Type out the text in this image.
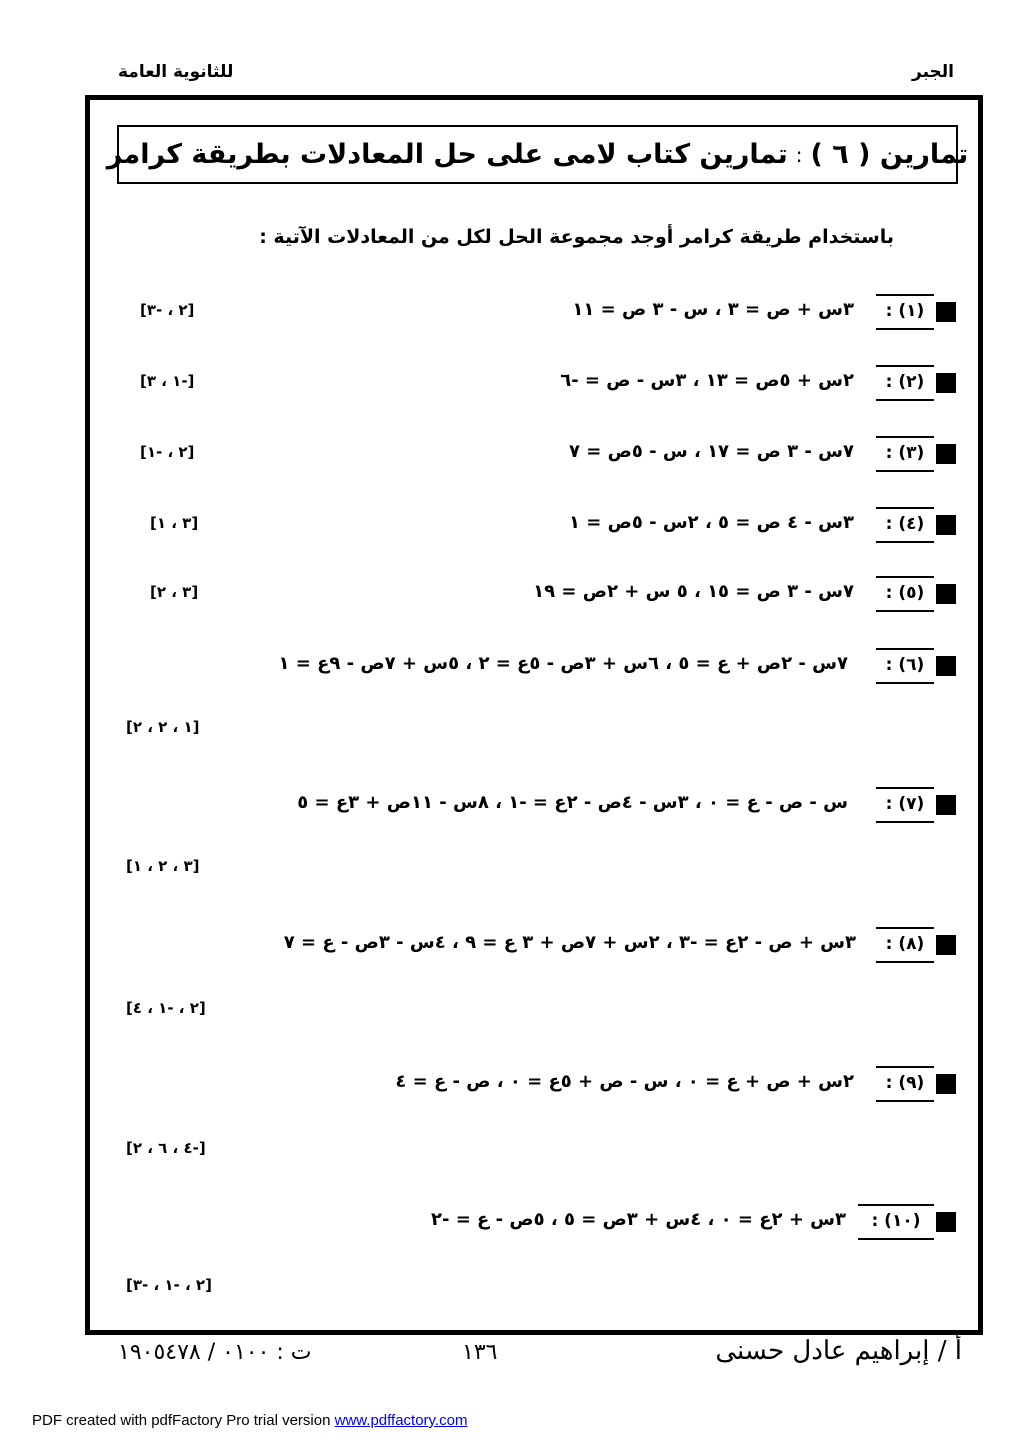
الجبر
للثانوية العامة
تمارين ( ٦ )
:
تمارين كتاب لامى على حل المعادلات بطريقة كرامر
باستخدام طريقة كرامر أوجد مجموعة الحل لكل من المعادلات الآتية :
(١) :
٣س + ص = ٣ ، س - ٣ ص = ١١
[٢ ، -٣]
(٢) :
٢س + ٥ص = ١٣ ، ٣س - ص = -٦
[-١ ، ٣]
(٣) :
٧س - ٣ ص = ١٧ ، س - ٥ص = ٧
[٢ ، -١]
(٤) :
٣س - ٤ ص = ٥ ، ٢س - ٥ص = ١
[٣ ، ١]
(٥) :
٧س - ٣ ص = ١٥ ، ٥ س + ٢ص = ١٩
[٣ ، ٢]
(٦) :
٧س - ٢ص + ع = ٥ ، ٦س + ٣ص - ٥ع = ٢ ، ٥س + ٧ص - ٩ع = ١
[١ ، ٢ ، ٢]
(٧) :
س - ص - ع = ٠ ، ٣س - ٤ص - ٢ع = -١ ، ٨س - ١١ص + ٣ع = ٥
[٣ ، ٢ ، ١]
(٨) :
٣س + ص - ٢ع = -٣ ، ٢س + ٧ص + ٣ ع = ٩ ، ٤س - ٣ص - ع = ٧
[٢ ، -١ ، ٤]
(٩) :
٢س + ص + ع = ٠ ، س - ص + ٥ع = ٠ ، ص - ع = ٤
[-٤ ، ٦ ، ٢]
(١٠) :
٣س + ٢ع = ٠ ، ٤س + ٣ص = ٥ ، ٥ص - ع = -٢
[٢ ، -١ ، -٣]
أ / إبراهيم عادل حسنى
١٣٦
ت : ٠١٠٠ / ١٩٠٥٤٧٨
PDF created with pdfFactory Pro trial version www.pdffactory.com
